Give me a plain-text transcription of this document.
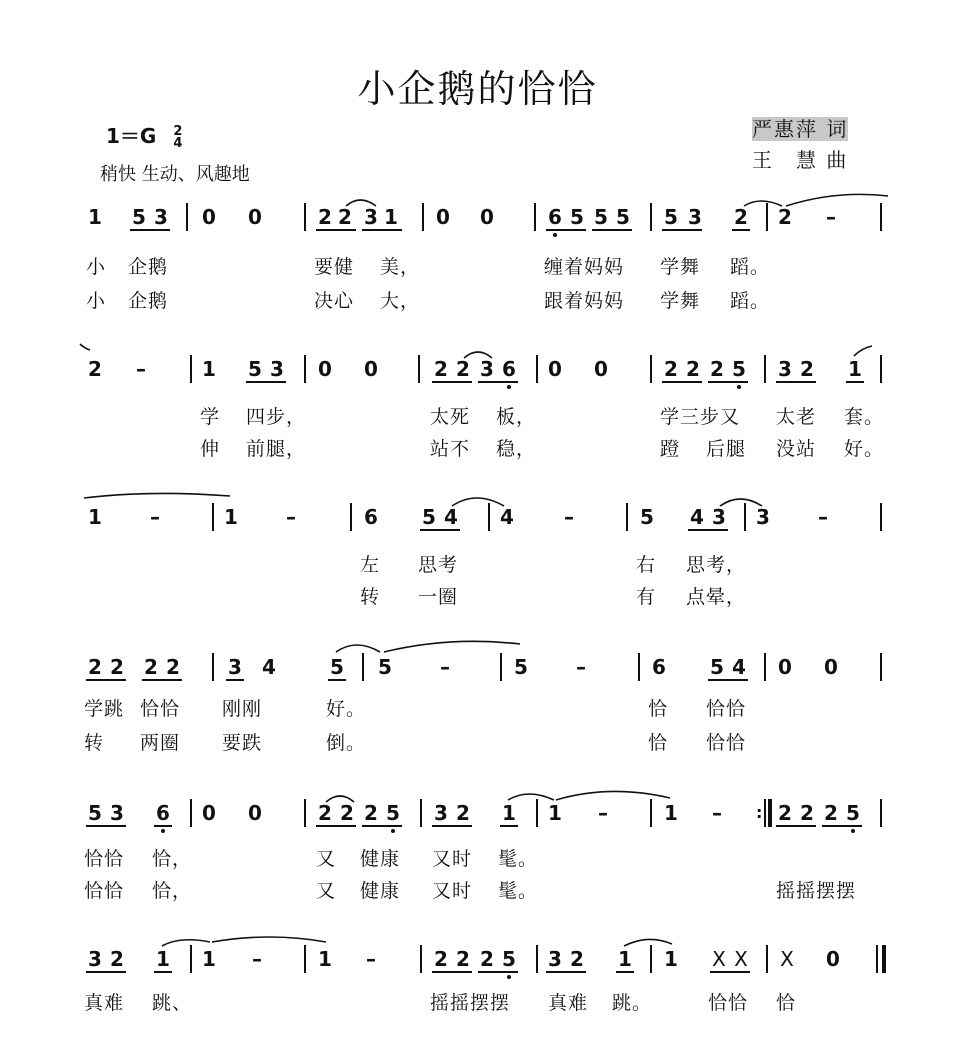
小企鹅的恰恰
1＝G 2
4
稍快 生动、风趣地
严惠萍 词
王　慧 曲
1 5 3 0 0	2 2 3 1 0 0	6 5 5 5 5 3 2 2 –
小 企鹅	要健 美，	缠着妈妈 学舞 蹈。
小 企鹅	决心 大，	跟着妈妈 学舞 蹈。
2 –	1 5 3 0 0	2 2 3 6 0 0	2 2 2 5 3 2 1
学 四步，	太死 板，	学三步又 太老 套。
伸 前腿，	站不 稳，	蹬 后腿 没站 好。
1 –	1 –	6 5 4 4	–	5 4 3 3 –
左 思考	右 思考，
转 一圈	有 点晕，
2 2 2 2 3 4	5 5 –	5 –	6 5 4 0 0
学跳 恰恰 刚刚	好。	恰 恰恰
转 两圈 要跌	倒。	恰 恰恰
5 3 6 0 0	2 2 2 5 3 2 1 1 –	1 – : 2 2 2 5
恰恰 恰，	又 健康 又时 髦。
恰恰 恰，	又 健康 又时 髦。	摇摇摆摆
3 2 1 1 –	1 –	2 2 2 5 3 2 1 1 X X X 0
真难 跳、	摇摇摆摆 真难 跳。	恰恰 恰
